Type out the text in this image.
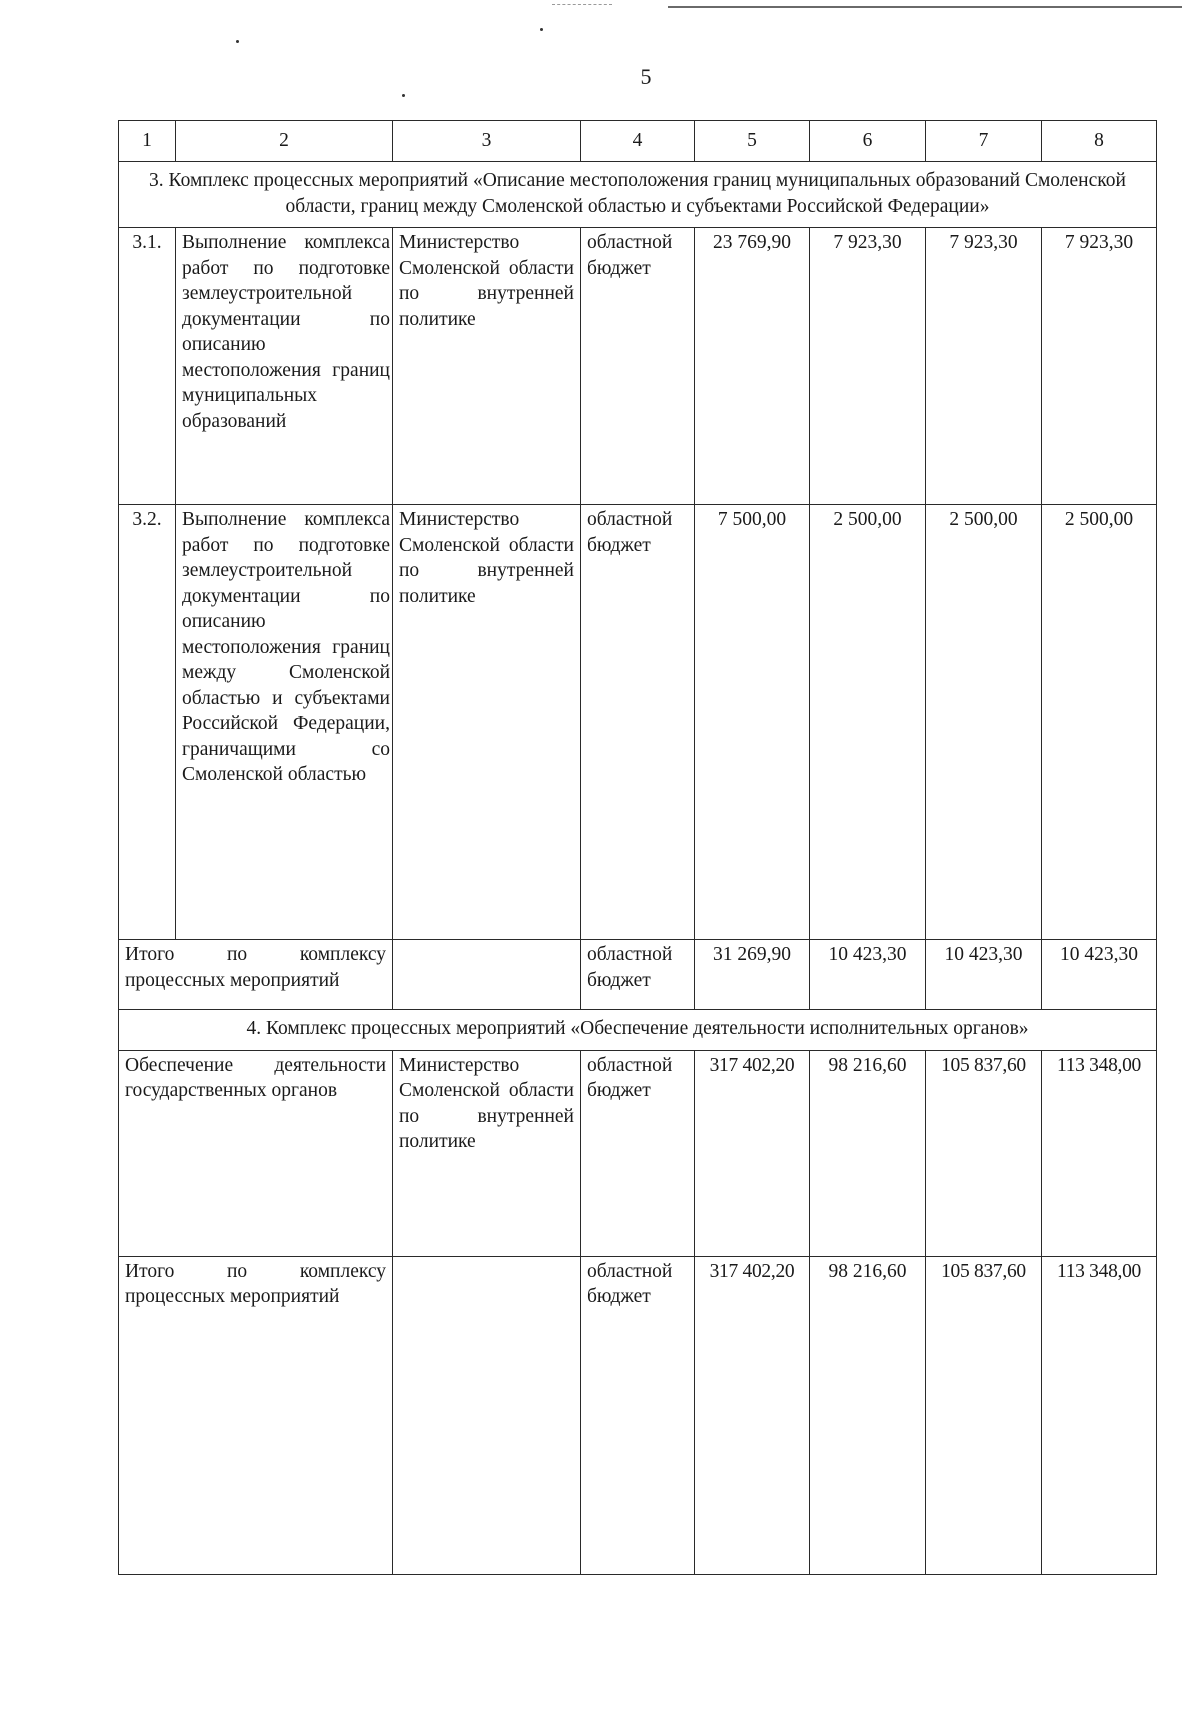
5
1	2	3	4	5	6	7	8
3. Комплекс процессных мероприятий «Описание местоположения границ муниципальных образований Смоленской области, границ между Смоленской областью и субъектами Российской Федерации»							
3.1.	Выполнение комплекса работ по подготовке землеустроительной документации по описанию местоположения границ муниципальных образований	Министерство Смоленской области по внутренней политике	областной бюджет	23 769,90	7 923,30	7 923,30	7 923,30
3.2.	Выполнение комплекса работ по подготовке землеустроительной документации по описанию местоположения границ между Смоленской областью и субъектами Российской Федерации, граничащими со Смоленской областью	Министерство Смоленской области по внутренней политике	областной бюджет	7 500,00	2 500,00	2 500,00	2 500,00
Итого по комплексу процессных мероприятий			областной бюджет	31 269,90	10 423,30	10 423,30	10 423,30
4. Комплекс процессных мероприятий «Обеспечение деятельности исполнительных органов»							
Обеспечение деятельности государственных органов		Министерство Смоленской области по внутренней политике	областной бюджет	317 402,20	98 216,60	105 837,60	113 348,00
Итого по комплексу процессных мероприятий			областной бюджет	317 402,20	98 216,60	105 837,60	113 348,00
